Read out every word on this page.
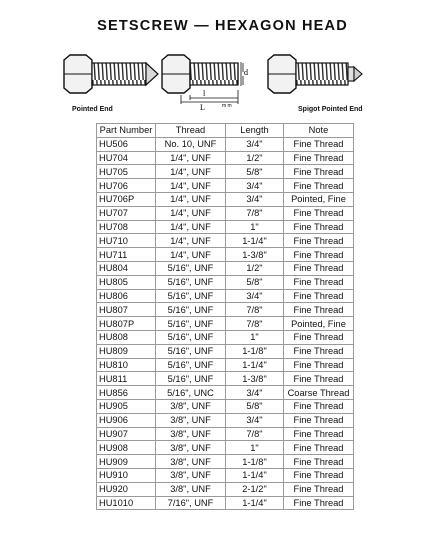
SETSCREW — HEXAGON HEAD
d
l
L	m m
Pointed End	Spigot Pointed End
Part Number	Thread	Length	Note
HU506	No. 10, UNF	3/4"	Fine Thread
HU704	1/4", UNF	1/2"	Fine Thread
HU705	1/4", UNF	5/8"	Fine Thread
HU706	1/4", UNF	3/4"	Fine Thread
HU706P	1/4", UNF	3/4"	Pointed, Fine
HU707	1/4", UNF	7/8"	Fine Thread
HU708	1/4", UNF	1"	Fine Thread
HU710	1/4", UNF	1-1/4"	Fine Thread
HU711	1/4", UNF	1-3/8"	Fine Thread
HU804	5/16", UNF	1/2"	Fine Thread
HU805	5/16", UNF	5/8"	Fine Thread
HU806	5/16", UNF	3/4"	Fine Thread
HU807	5/16", UNF	7/8"	Fine Thread
HU807P	5/16", UNF	7/8"	Pointed, Fine
HU808	5/16", UNF	1"	Fine Thread
HU809	5/16", UNF	1-1/8"	Fine Thread
HU810	5/16", UNF	1-1/4"	Fine Thread
HU811	5/16", UNF	1-3/8"	Fine Thread
HU856	5/16", UNC	3/4"	Coarse Thread
HU905	3/8", UNF	5/8"	Fine Thread
HU906	3/8", UNF	3/4"	Fine Thread
HU907	3/8", UNF	7/8"	Fine Thread
HU908	3/8", UNF	1"	Fine Thread
HU909	3/8", UNF	1-1/8"	Fine Thread
HU910	3/8", UNF	1-1/4"	Fine Thread
HU920	3/8", UNF	2-1/2"	Fine Thread
HU1010	7/16", UNF	1-1/4"	Fine Thread
